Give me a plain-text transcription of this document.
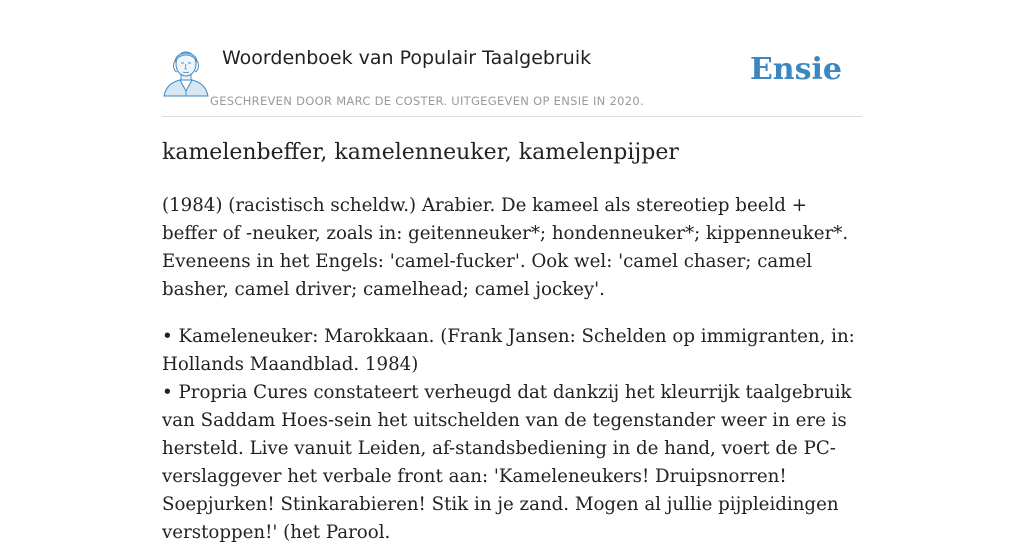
Woordenboek van Populair Taalgebruik
GESCHREVEN DOOR MARC DE COSTER. UITGEGEVEN OP ENSIE IN 2020.
Ensie
kamelenbeffer, kamelenneuker, kamelenpijper

(1984) (racistisch scheldw.) Arabier. De kameel als stereotiep beeld + beffer of -neuker, zoals in: geitenneuker*; hondenneuker*; kippenneuker*. Eveneens in het Engels: 'camel-fucker'. Ook wel: 'camel chaser; camel basher, camel driver; camelhead; camel jockey'.

• Kameleneuker: Marokkaan. (Frank Jansen: Schelden op immigranten, in: Hollands Maandblad. 1984)
• Propria Cures constateert verheugd dat dankzij het kleurrijk taalgebruik van Saddam Hoes-sein het uitschelden van de tegenstander weer in ere is hersteld. Live vanuit Leiden, af-standsbediening in de hand, voert de PC-verslaggever het verbale front aan: 'Kameleneukers! Druipsnorren! Soepjurken! Stinkarabieren! Stik in je zand. Mogen al jullie pijpleidingen verstoppen!' (het Parool.
